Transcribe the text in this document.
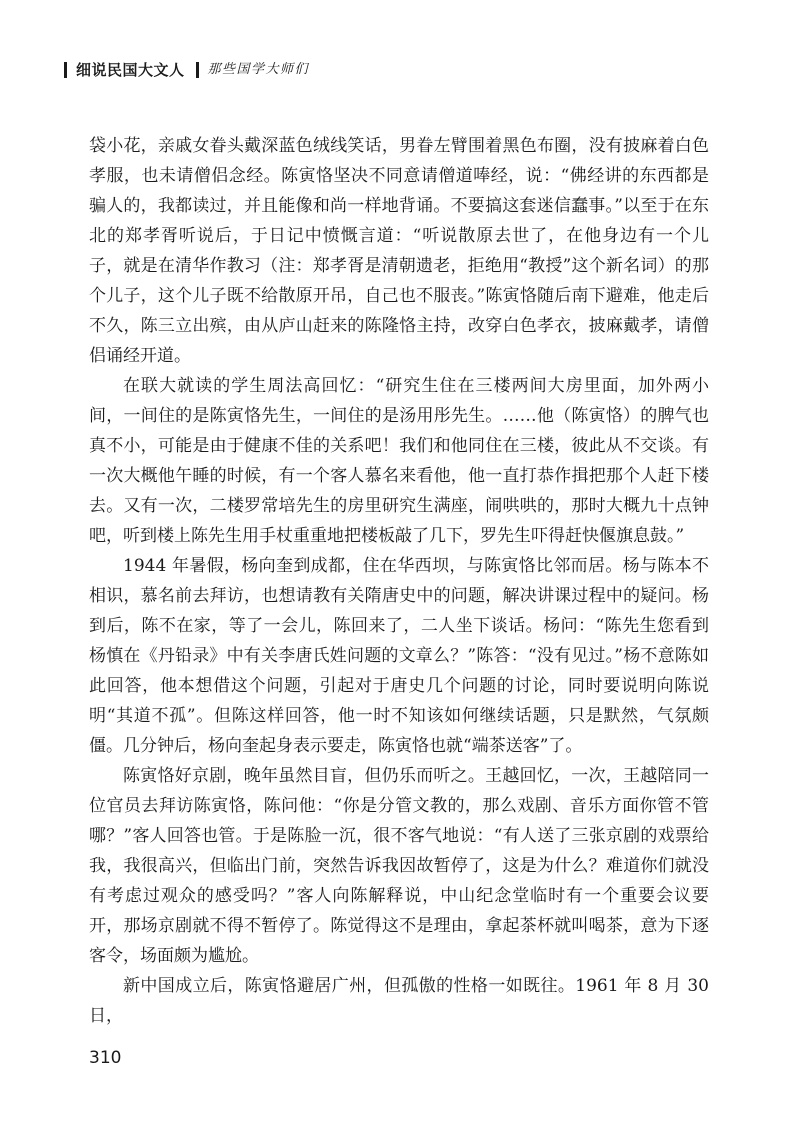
细说民国大文人 那些国学大师们

袋小花，亲戚女眷头戴深蓝色绒线笑话，男眷左臂围着黑色布圈，没有披麻着白色孝服，也未请僧侣念经。陈寅恪坚决不同意请僧道唪经，说：“佛经讲的东西都是骗人的，我都读过，并且能像和尚一样地背诵。不要搞这套迷信蠢事。”以至于在东北的郑孝胥听说后，于日记中愤慨言道：“听说散原去世了，在他身边有一个儿子，就是在清华作教习（注：郑孝胥是清朝遗老，拒绝用“教授”这个新名词）的那个儿子，这个儿子既不给散原开吊，自己也不服丧。”陈寅恪随后南下避难，他走后不久，陈三立出殡，由从庐山赶来的陈隆恪主持，改穿白色孝衣，披麻戴孝，请僧侣诵经开道。

在联大就读的学生周法高回忆：“研究生住在三楼两间大房里面，加外两小间，一间住的是陈寅恪先生，一间住的是汤用彤先生。……他（陈寅恪）的脾气也真不小，可能是由于健康不佳的关系吧！我们和他同住在三楼，彼此从不交谈。有一次大概他午睡的时候，有一个客人慕名来看他，他一直打恭作揖把那个人赶下楼去。又有一次，二楼罗常培先生的房里研究生满座，闹哄哄的，那时大概九十点钟吧，听到楼上陈先生用手杖重重地把楼板敲了几下，罗先生吓得赶快偃旗息鼓。”

1944 年暑假，杨向奎到成都，住在华西坝，与陈寅恪比邻而居。杨与陈本不相识，慕名前去拜访，也想请教有关隋唐史中的问题，解决讲课过程中的疑问。杨到后，陈不在家，等了一会儿，陈回来了，二人坐下谈话。杨问：“陈先生您看到杨慎在《丹铅录》中有关李唐氏姓问题的文章么？”陈答：“没有见过。”杨不意陈如此回答，他本想借这个问题，引起对于唐史几个问题的讨论，同时要说明向陈说明“其道不孤”。但陈这样回答，他一时不知该如何继续话题，只是默然，气氛颇僵。几分钟后，杨向奎起身表示要走，陈寅恪也就“端茶送客”了。

陈寅恪好京剧，晚年虽然目盲，但仍乐而听之。王越回忆，一次，王越陪同一位官员去拜访陈寅恪，陈问他：“你是分管文教的，那么戏剧、音乐方面你管不管哪？”客人回答也管。于是陈脸一沉，很不客气地说：“有人送了三张京剧的戏票给我，我很高兴，但临出门前，突然告诉我因故暂停了，这是为什么？难道你们就没有考虑过观众的感受吗？”客人向陈解释说，中山纪念堂临时有一个重要会议要开，那场京剧就不得不暂停了。陈觉得这不是理由，拿起茶杯就叫喝茶，意为下逐客令，场面颇为尴尬。

新中国成立后，陈寅恪避居广州，但孤傲的性格一如既往。1961 年 8 月 30 日，

310
